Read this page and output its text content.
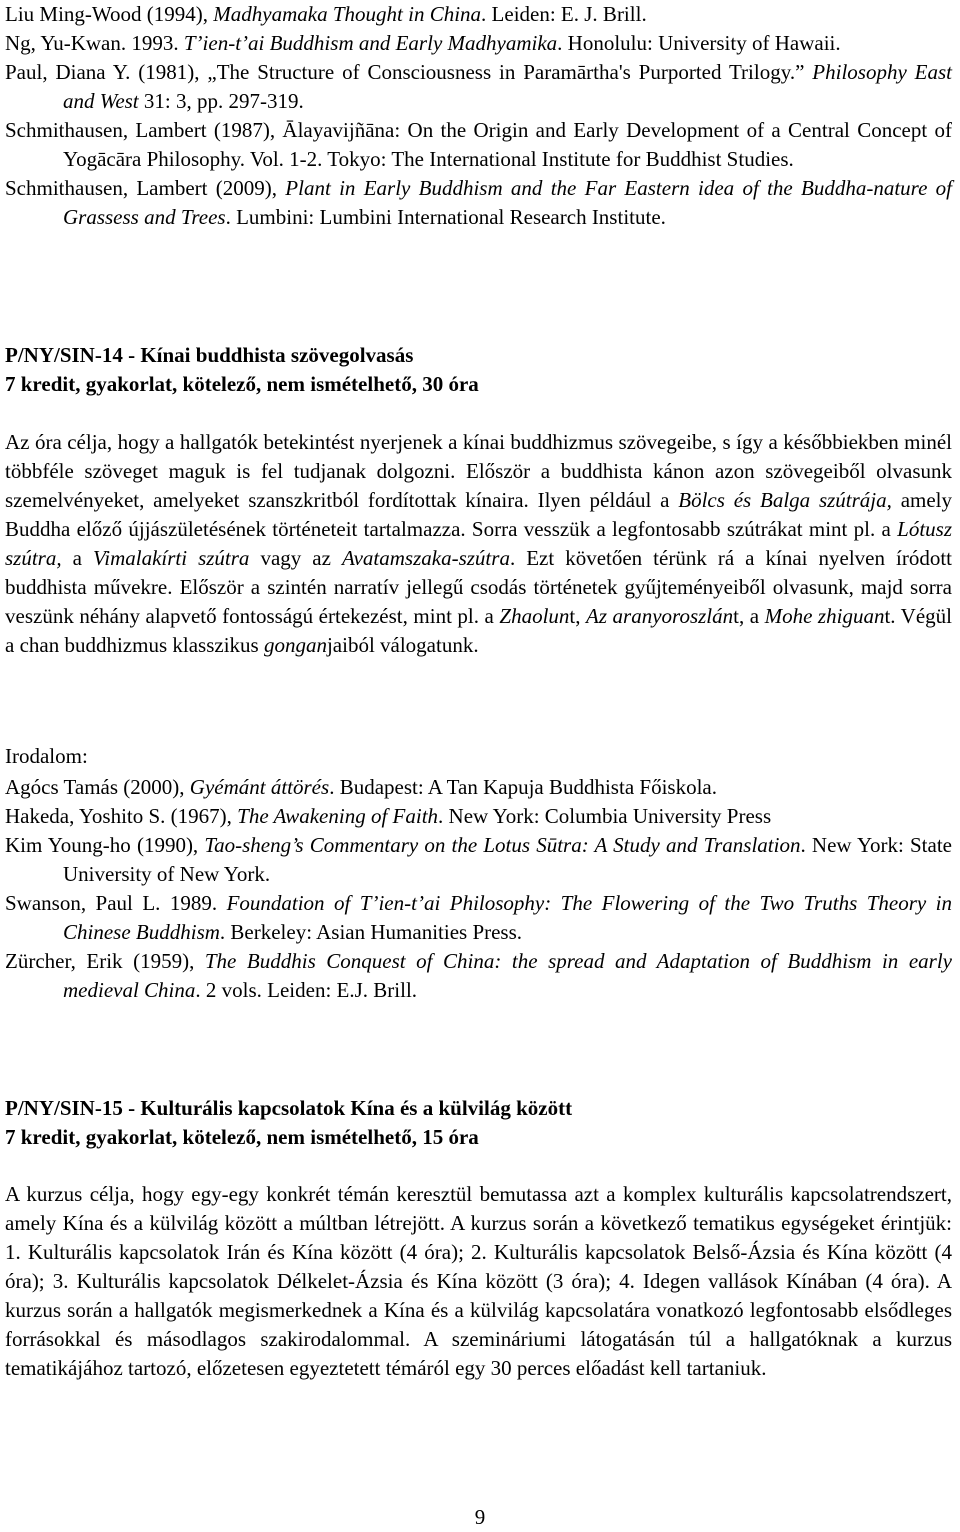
Liu Ming-Wood (1994), Madhyamaka Thought in China. Leiden: E. J. Brill.

Ng, Yu-Kwan. 1993. T’ien-t’ai Buddhism and Early Madhyamika. Honolulu: University of Hawaii.

Paul, Diana Y. (1981), „The Structure of Consciousness in Paramārtha's Purported Trilogy.” Philosophy East and West 31: 3, pp. 297-319.

Schmithausen, Lambert (1987), Ālayavijñāna: On the Origin and Early Development of a Central Concept of Yogācāra Philosophy. Vol. 1-2. Tokyo: The International Institute for Buddhist Studies.

Schmithausen, Lambert (2009), Plant in Early Buddhism and the Far Eastern idea of the Buddha-nature of Grassess and Trees. Lumbini: Lumbini International Research Institute.

P/NY/SIN-14 - Kínai buddhista szövegolvasás

7 kredit, gyakorlat, kötelező, nem ismételhető, 30 óra

Az óra célja, hogy a hallgatók betekintést nyerjenek a kínai buddhizmus szövegeibe, s így a későbbiekben minél többféle szöveget maguk is fel tudjanak dolgozni. Először a buddhista kánon azon szövegeiből olvasunk szemelvényeket, amelyeket szanszkritból fordítottak kínaira. Ilyen például a Bölcs és Balga szútrája, amely Buddha előző újjászületésének történeteit tartalmazza. Sorra vesszük a legfontosabb szútrákat mint pl. a Lótusz szútra, a Vimalakírti szútra vagy az Avatamszaka-szútra. Ezt követően térünk rá a kínai nyelven íródott buddhista művekre. Először a szintén narratív jellegű csodás történetek gyűjteményeiből olvasunk, majd sorra veszünk néhány alapvető fontosságú értekezést, mint pl. a Zhaolunt, Az aranyoroszlánt, a Mohe zhiguant. Végül a chan buddhizmus klasszikus gonganjaiból válogatunk.

Irodalom:

Agócs Tamás (2000), Gyémánt áttörés. Budapest: A Tan Kapuja Buddhista Főiskola.

Hakeda, Yoshito S. (1967), The Awakening of Faith. New York: Columbia University Press

Kim Young-ho (1990), Tao-sheng’s Commentary on the Lotus Sūtra: A Study and Translation. New York: State University of New York.

Swanson, Paul L. 1989. Foundation of T’ien-t’ai Philosophy: The Flowering of the Two Truths Theory in Chinese Buddhism. Berkeley: Asian Humanities Press.

Zürcher, Erik (1959), The Buddhis Conquest of China: the spread and Adaptation of Buddhism in early medieval China. 2 vols. Leiden: E.J. Brill.

P/NY/SIN-15 - Kulturális kapcsolatok Kína és a külvilág között

7 kredit, gyakorlat, kötelező, nem ismételhető, 15 óra

A kurzus célja, hogy egy-egy konkrét témán keresztül bemutassa azt a komplex kulturális kapcsolatrendszert, amely Kína és a külvilág között a múltban létrejött. A kurzus során a következő tematikus egységeket érintjük: 1. Kulturális kapcsolatok Irán és Kína között (4 óra); 2. Kulturális kapcsolatok Belső-Ázsia és Kína között (4 óra); 3. Kulturális kapcsolatok Délkelet-Ázsia és Kína között (3 óra); 4. Idegen vallások Kínában (4 óra). A kurzus során a hallgatók megismerkednek a Kína és a külvilág kapcsolatára vonatkozó legfontosabb elsődleges forrásokkal és másodlagos szakirodalommal. A szemináriumi látogatásán túl a hallgatóknak a kurzus tematikájához tartozó, előzetesen egyeztetett témáról egy 30 perces előadást kell tartaniuk.

9
